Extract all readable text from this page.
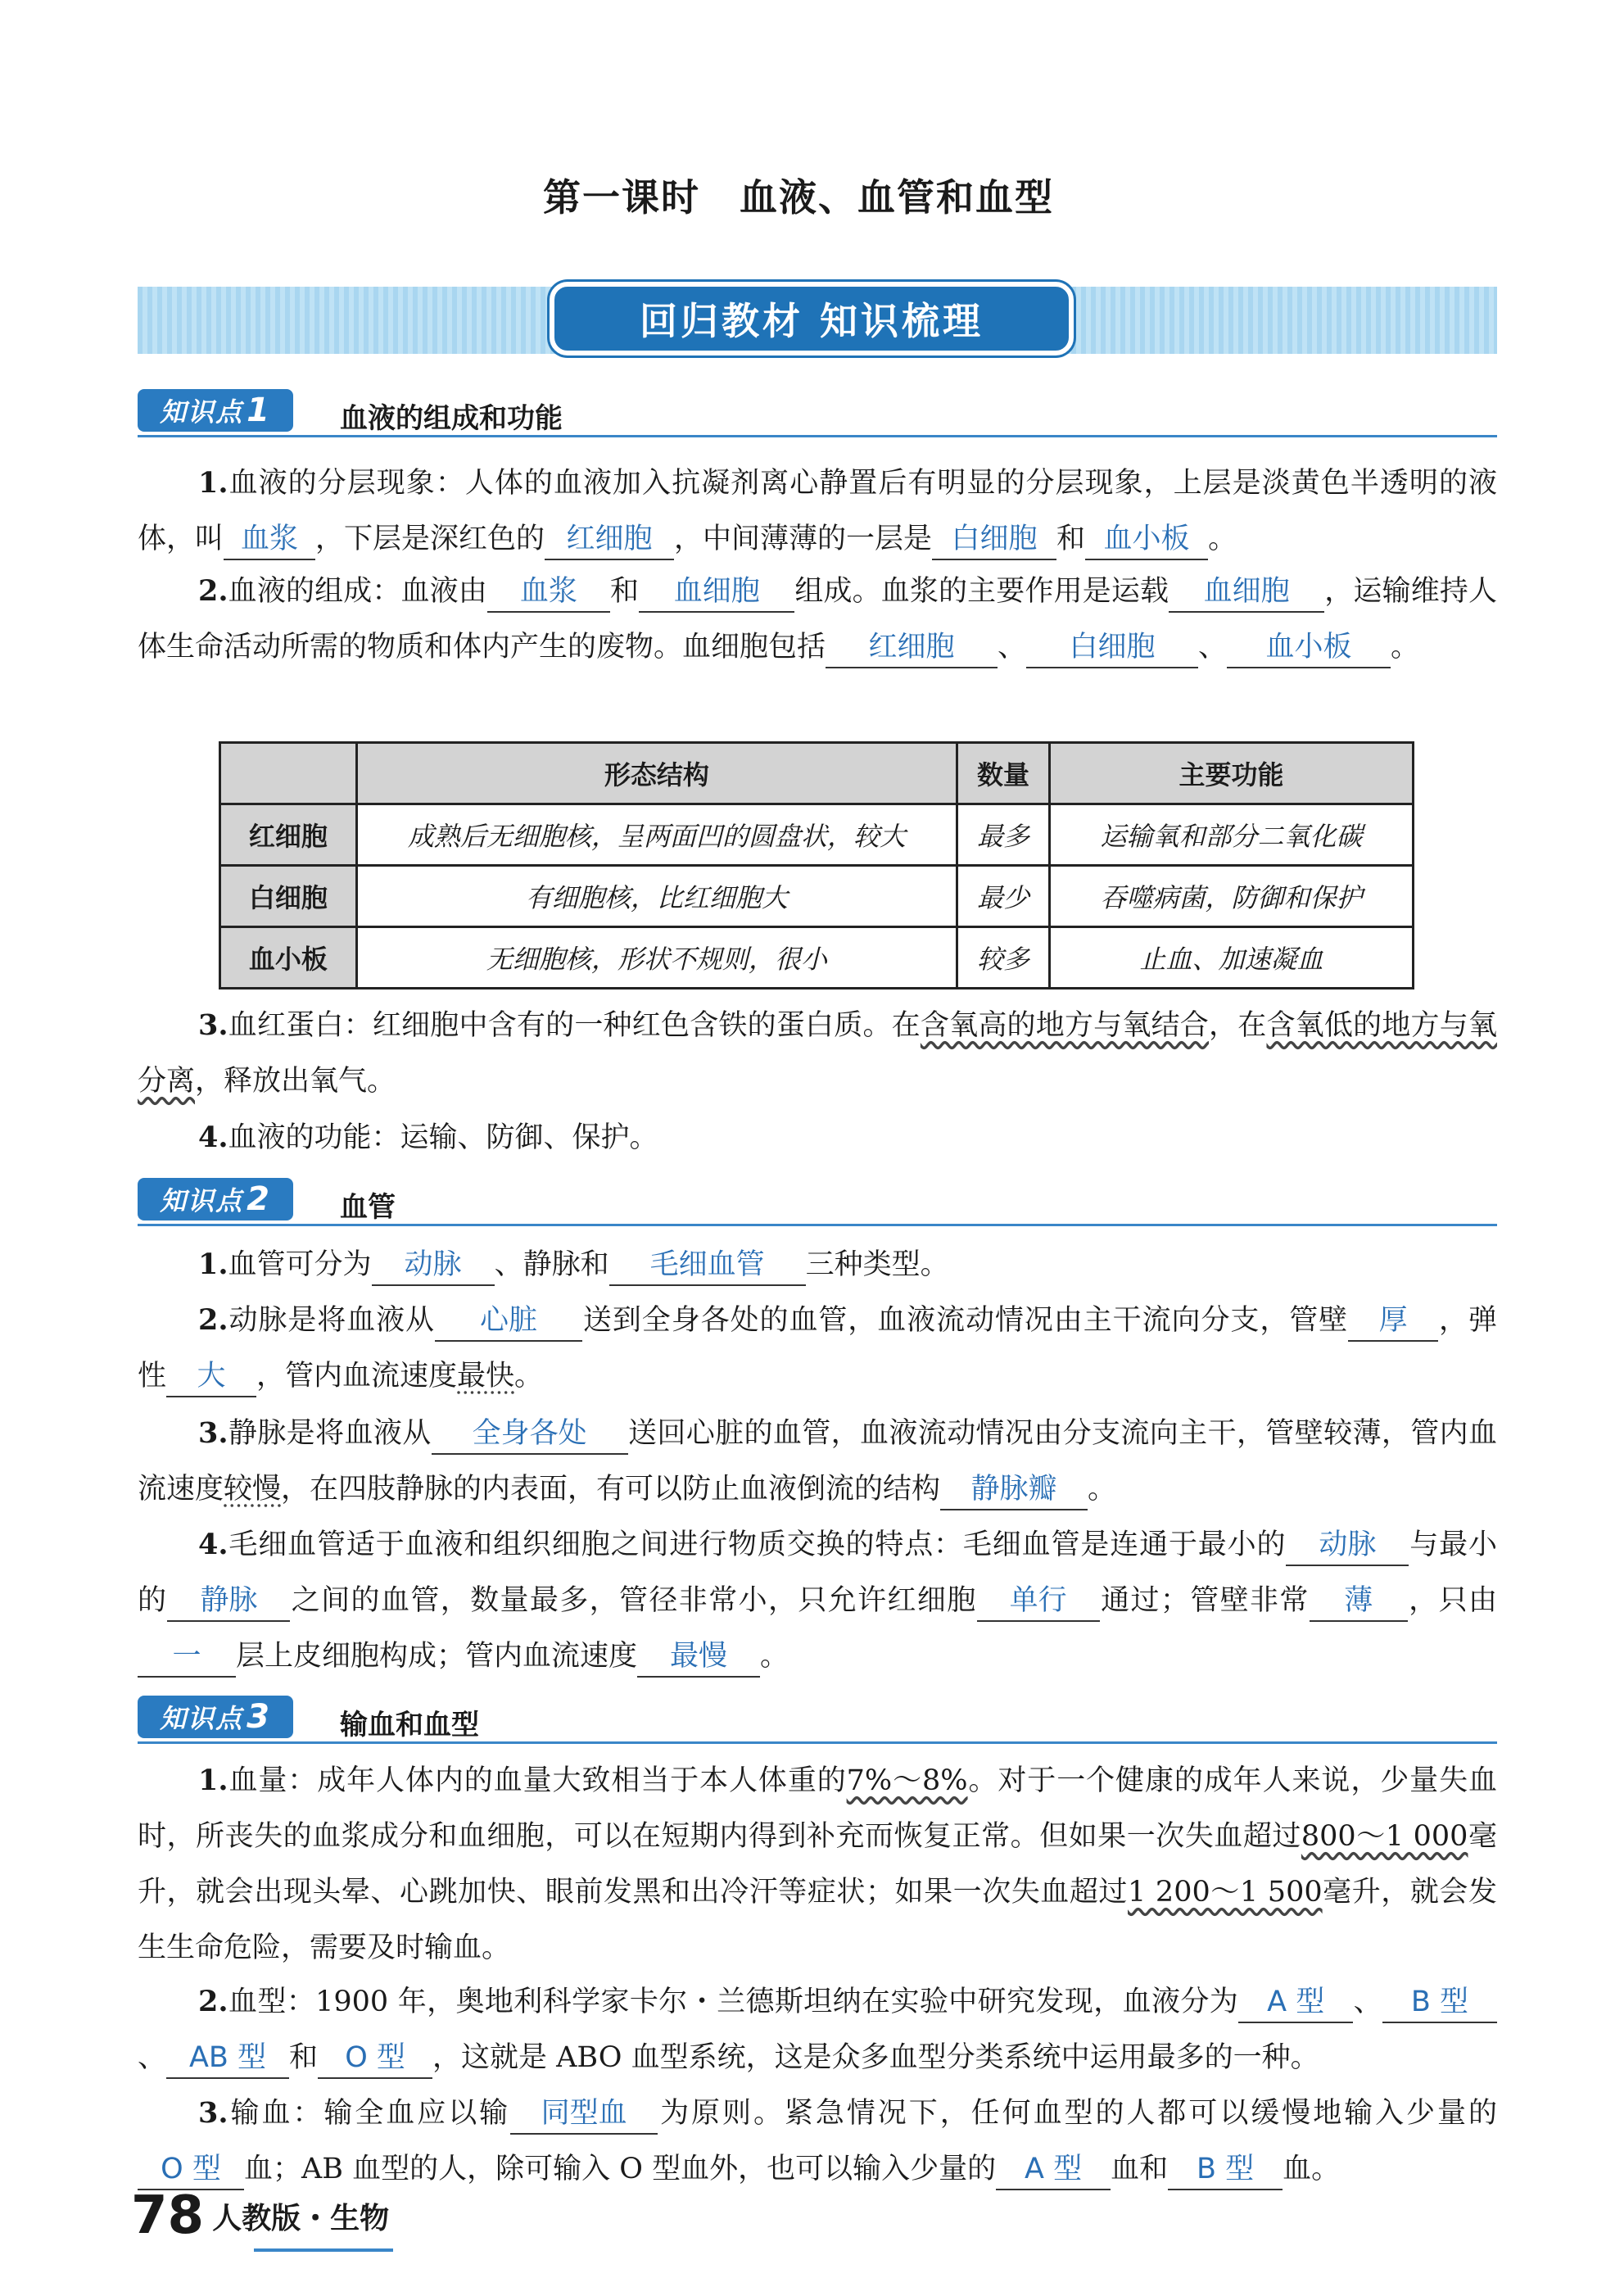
第一课时　血液、血管和血型
回归教材 知识梳理
知识点 1 血液的组成和功能
1.血液的分层现象：人体的血液加入抗凝剂离心静置后有明显的分层现象，上层是淡黄色半透明的液体，叫 血浆 ，下层是深红色的 红细胞 ，中间薄薄的一层是 白细胞 和 血小板 。
2.血液的组成：血液由 血浆 和 血细胞 组成。血浆的主要作用是运载 血细胞 ，运输维持人体生命活动所需的物质和体内产生的废物。血细胞包括 红细胞 、 白细胞 、 血小板 。
	形态结构	数量	主要功能
红细胞	成熟后无细胞核，呈两面凹的圆盘状，较大	最多	运输氧和部分二氧化碳
白细胞	有细胞核，比红细胞大	最少	吞噬病菌，防御和保护
血小板	无细胞核，形状不规则，很小	较多	止血、加速凝血
3.血红蛋白：红细胞中含有的一种红色含铁的蛋白质。在含氧高的地方与氧结合，在含氧低的地方与氧分离，释放出氧气。
4.血液的功能：运输、防御、保护。
知识点 2 血管
1.血管可分为 动脉 、静脉和 毛细血管 三种类型。
2.动脉是将血液从 心脏 送到全身各处的血管，血液流动情况由主干流向分支，管壁 厚 ，弹性 大 ，管内血流速度最快。
3.静脉是将血液从 全身各处 送回心脏的血管，血液流动情况由分支流向主干，管壁较薄，管内血流速度较慢，在四肢静脉的内表面，有可以防止血液倒流的结构 静脉瓣 。
4.毛细血管适于血液和组织细胞之间进行物质交换的特点：毛细血管是连通于最小的 动脉 与最小的 静脉 之间的血管，数量最多，管径非常小，只允许红细胞 单行 通过；管壁非常 薄 ，只由一 层上皮细胞构成；管内血流速度 最慢 。
知识点 3 输血和血型
1.血量：成年人体内的血量大致相当于本人体重的7%～8%。对于一个健康的成年人来说，少量失血时，所丧失的血浆成分和血细胞，可以在短期内得到补充而恢复正常。但如果一次失血超过800～1 000毫升，就会出现头晕、心跳加快、眼前发黑和出冷汗等症状；如果一次失血超过1 200～1 500毫升，就会发生生命危险，需要及时输血。
2.血型：1900 年，奥地利科学家卡尔・兰德斯坦纳在实验中研究发现，血液分为 A 型 、 B 型、 AB 型 和 O 型 ，这就是 ABO 血型系统，这是众多血型分类系统中运用最多的一种。
3.输血：输全血应以输 同型血 为原则。紧急情况下，任何血型的人都可以缓慢地输入少量的O 型 血；AB 血型的人，除可输入 O 型血外，也可以输入少量的 A 型 血和 B 型 血。
78 人教版・生物
